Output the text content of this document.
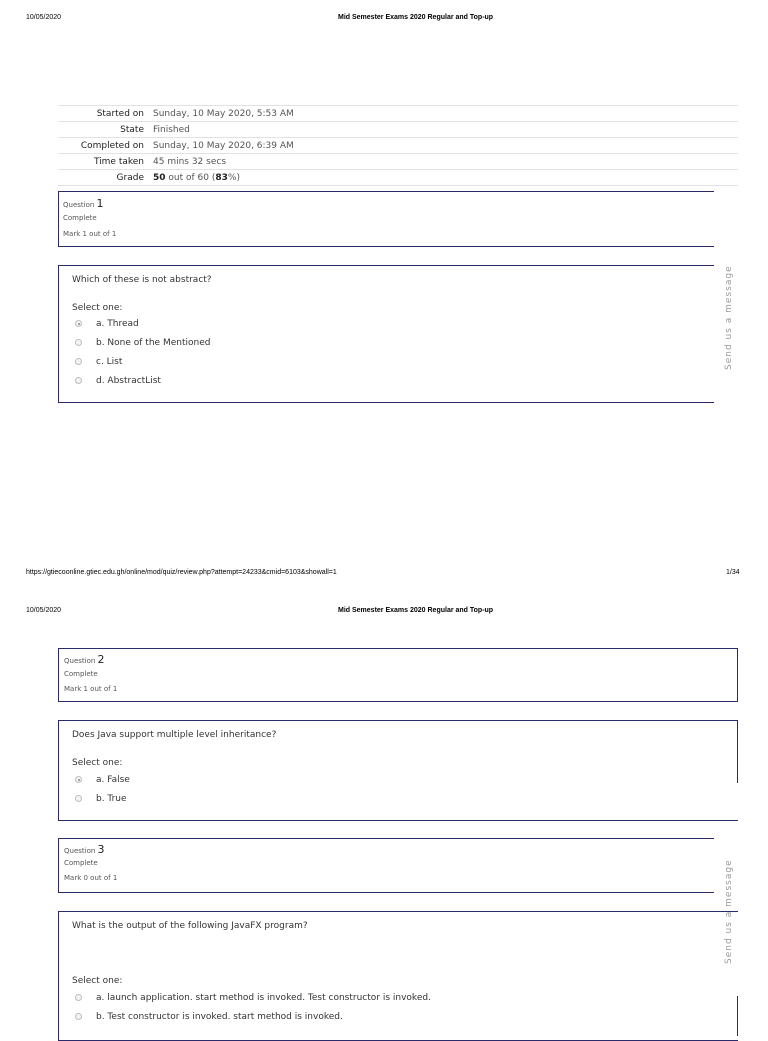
10/05/2020	Mid Semester Exams 2020 Regular and Top-up
Started on	Sunday, 10 May 2020, 5:53 AM
State	Finished
Completed on	Sunday, 10 May 2020, 6:39 AM
Time taken	45 mins 32 secs
Grade	50 out of 60 (83%)
Question 1
Complete
Mark 1 out of 1
Which of these is not abstract?
Select one:
a. Thread
b. None of the Mentioned
c. List
d. AbstractList
Send us a message
https://gtiecoonline.gtiec.edu.gh/online/mod/quiz/review.php?attempt=24233&cmid=6103&showall=1	1/34
10/05/2020	Mid Semester Exams 2020 Regular and Top-up
Question 2
Complete
Mark 1 out of 1
Does Java support multiple level inheritance?
Select one:
a. False
b. True
Question 3
Complete
Mark 0 out of 1
What is the output of the following JavaFX program?
Select one:
a. launch application. start method is invoked. Test constructor is invoked.
b. Test constructor is invoked. start method is invoked.
Send us a message
